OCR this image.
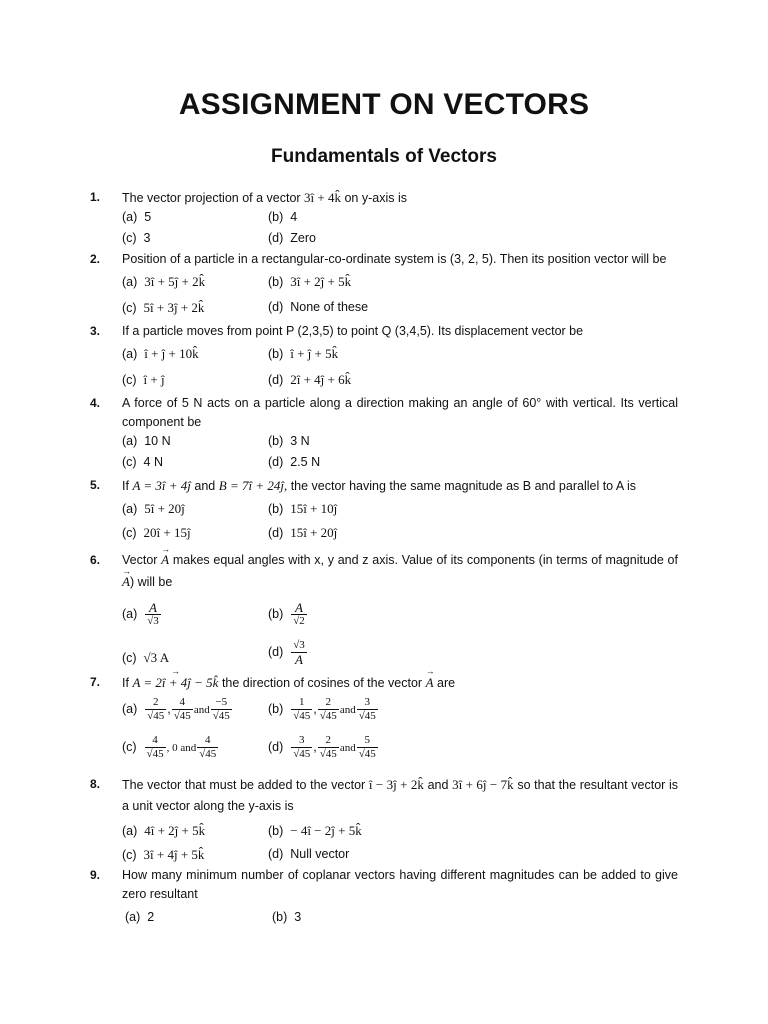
ASSIGNMENT ON VECTORS
Fundamentals of Vectors
1. The vector projection of a vector 3î + 4k̂ on y-axis is
(a) 5	(b) 4
(c) 3	(d) Zero
2. Position of a particle in a rectangular-co-ordinate system is (3, 2, 5). Then its position vector will be
(a) 3î + 5ĵ + 2k̂	(b) 3î + 2ĵ + 5k̂
(c) 5î + 3ĵ + 2k̂	(d) None of these
3. If a particle moves from point P (2,3,5) to point Q (3,4,5). Its displacement vector be
(a) î + ĵ + 10k̂	(b) î + ĵ + 5k̂
(c) î + ĵ	(d) 2î + 4ĵ + 6k̂
4. A force of 5 N acts on a particle along a direction making an angle of 60° with vertical. Its vertical component be
(a) 10 N	(b) 3 N
(c) 4 N	(d) 2.5 N
5. If A = 3î + 4ĵ and B = 7î + 24ĵ, the vector having the same magnitude as B and parallel to A is
(a) 5î + 20ĵ	(b) 15î + 10ĵ
(c) 20î + 15ĵ	(d) 15î + 20ĵ
6. Vector → A makes equal angles with x, y and z axis. Value of its components (in terms of magnitude of → A) will be
$(a) \frac{A}{√3}$	$(b) \frac{A}{√2}$
(c) √3 A	$(d) \frac{√3}{A}$
7. If → A = 2î + 4ĵ − 5k̂ the direction of cosines of the vector → A are
$(a) \frac{2}{√45}$ , $\frac{4}{√45}$ and $\frac{-5}{√45}$	$(b) \frac{1}{√45}$ , $\frac{2}{√45}$ and $\frac{3}{√45}$
$(c) \frac{4}{√45}$ , 0 and $\frac{4}{√45}$	$(d) \frac{3}{√45}$ , $\frac{2}{√45}$ and $\frac{5}{√45}$
8. The vector that must be added to the vector î − 3ĵ + 2k̂ and 3î + 6ĵ − 7k̂ so that the resultant vector is a unit vector along the y-axis is
(a) 4î + 2ĵ + 5k̂	(b) − 4î − 2ĵ + 5k̂
(c) 3î + 4ĵ + 5k̂	(d) Null vector
9. How many minimum number of coplanar vectors having different magnitudes can be added to give zero resultant
(a) 2	(b) 3
